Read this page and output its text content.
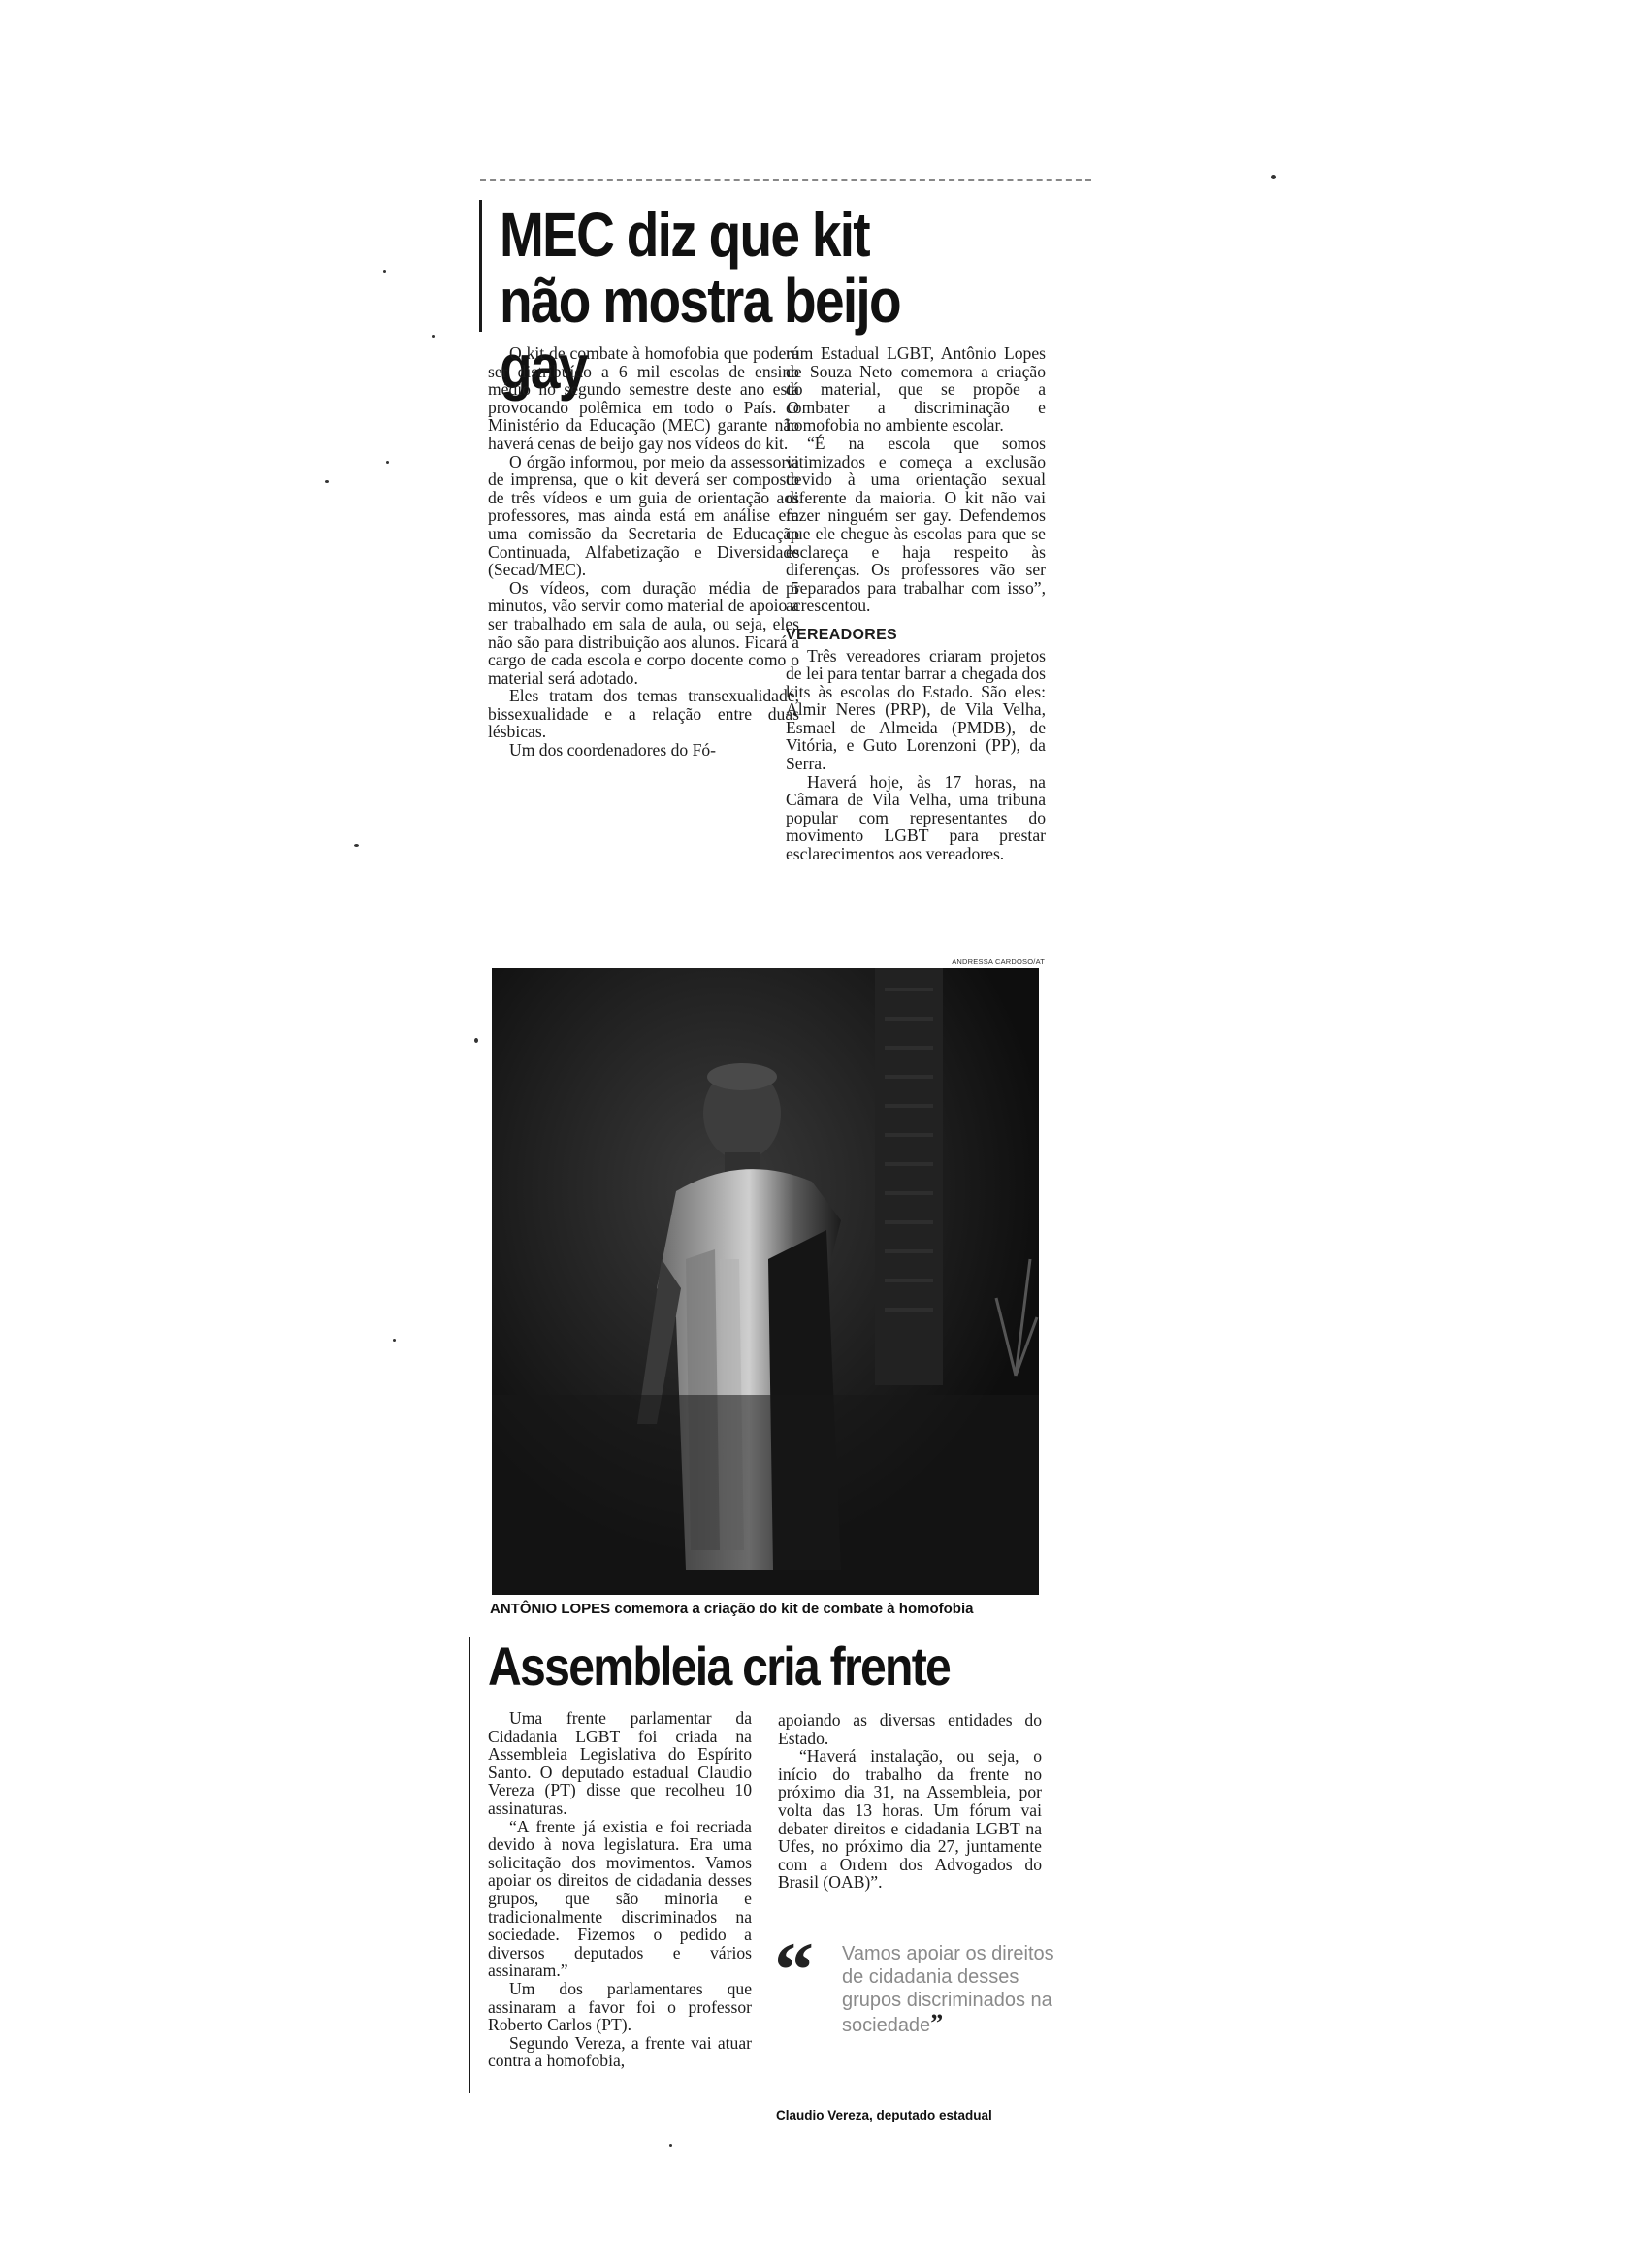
MEC diz que kit não mostra beijo gay

O kit de combate à homofobia que poderá ser distribuído a 6 mil escolas de ensino médio no segundo semestre deste ano está provocando polêmica em todo o País. O Ministério da Educação (MEC) garante não haverá cenas de beijo gay nos vídeos do kit.

O órgão informou, por meio da assessoria de imprensa, que o kit deverá ser composto de três vídeos e um guia de orientação aos professores, mas ainda está em análise em uma comissão da Secretaria de Educação Continuada, Alfabetização e Diversidade (Secad/MEC).

Os vídeos, com duração média de 5 minutos, vão servir como material de apoio a ser trabalhado em sala de aula, ou seja, eles não são para distribuição aos alunos. Ficará a cargo de cada escola e corpo docente como o material será adotado.

Eles tratam dos temas transexualidade, bissexualidade e a relação entre duas lésbicas.

Um dos coordenadores do Fó-

rum Estadual LGBT, Antônio Lopes de Souza Neto comemora a criação do material, que se propõe a combater a discriminação e homofobia no ambiente escolar.

“É na escola que somos vitimizados e começa a exclusão devido à uma orientação sexual diferente da maioria. O kit não vai fazer ninguém ser gay. Defendemos que ele chegue às escolas para que se esclareça e haja respeito às diferenças. Os professores vão ser preparados para trabalhar com isso”, acrescentou.

VEREADORES

Três vereadores criaram projetos de lei para tentar barrar a chegada dos kits às escolas do Estado. São eles: Almir Neres (PRP), de Vila Velha, Esmael de Almeida (PMDB), de Vitória, e Guto Lorenzoni (PP), da Serra.

Haverá hoje, às 17 horas, na Câmara de Vila Velha, uma tribuna popular com representantes do movimento LGBT para prestar esclarecimentos aos vereadores.

ANDRESSA CARDOSO/AT

ANTÔNIO LOPES comemora a criação do kit de combate à homofobia

Assembleia cria frente

Uma frente parlamentar da Cidadania LGBT foi criada na Assembleia Legislativa do Espírito Santo. O deputado estadual Claudio Vereza (PT) disse que recolheu 10 assinaturas.

“A frente já existia e foi recriada devido à nova legislatura. Era uma solicitação dos movimentos. Vamos apoiar os direitos de cidadania desses grupos, que são minoria e tradicionalmente discriminados na sociedade. Fizemos o pedido a diversos deputados e vários assinaram.”

Um dos parlamentares que assinaram a favor foi o professor Roberto Carlos (PT).

Segundo Vereza, a frente vai atuar contra a homofobia,

apoiando as diversas entidades do Estado.

“Haverá instalação, ou seja, o início do trabalho da frente no próximo dia 31, na Assembleia, por volta das 13 horas. Um fórum vai debater direitos e cidadania LGBT na Ufes, no próximo dia 27, juntamente com a Ordem dos Advogados do Brasil (OAB)”.

“	Vamos apoiar os direitos de cidadania desses grupos discriminados na sociedade”
Claudio Vereza, deputado estadual
